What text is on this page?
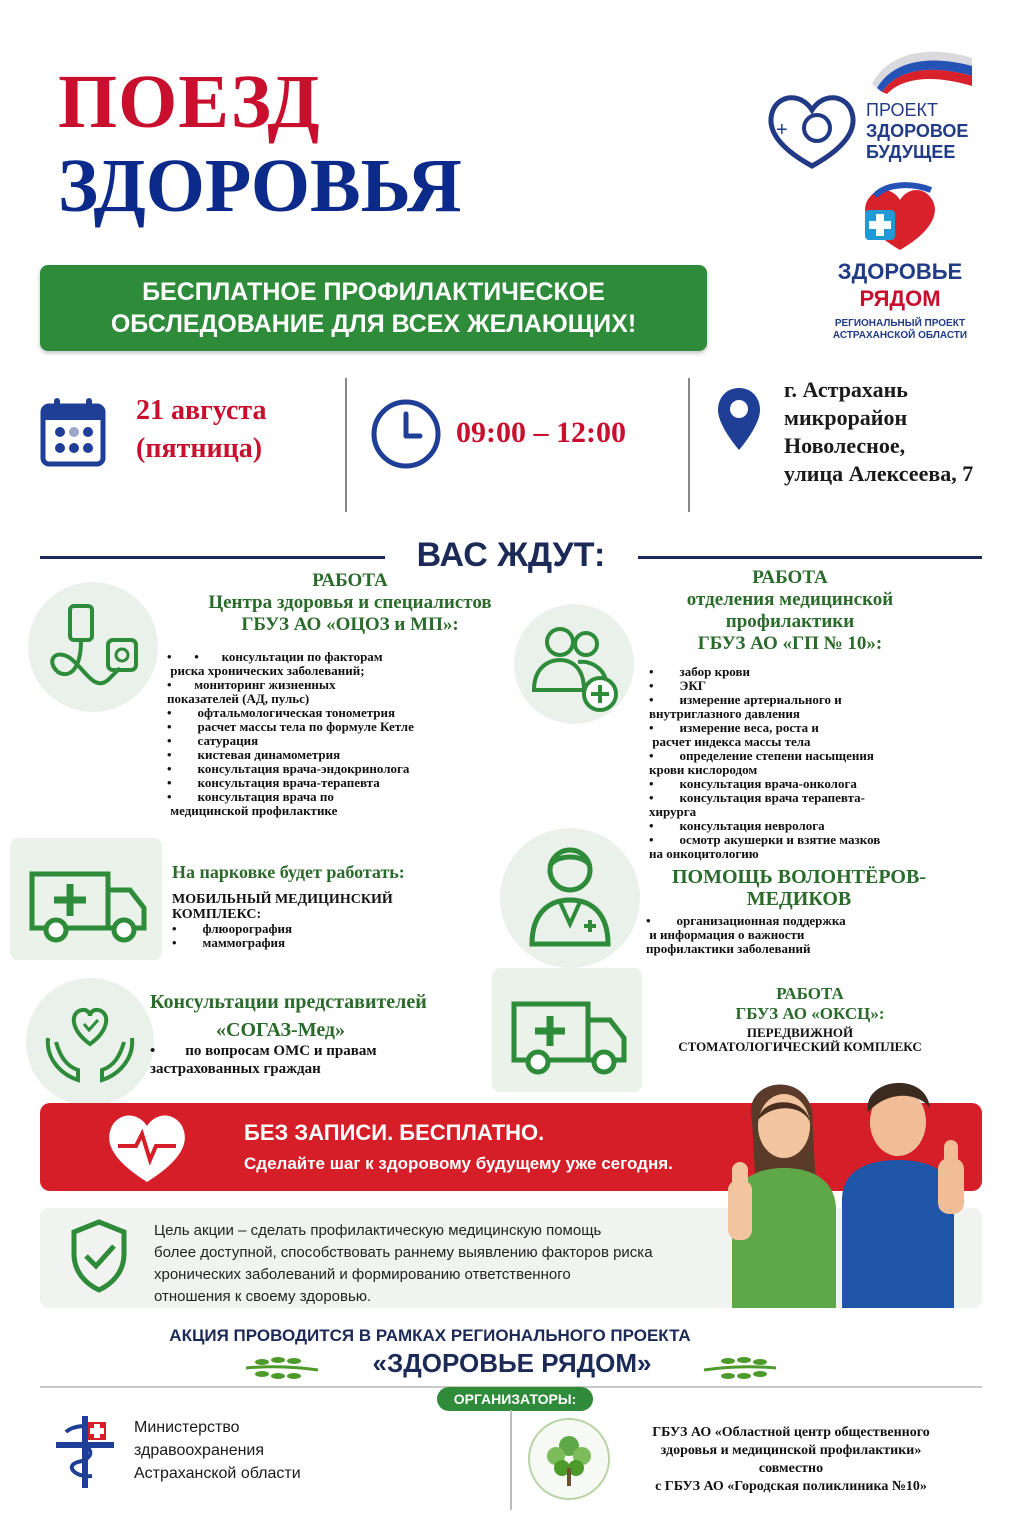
ПОЕЗД
ЗДОРОВЬЯ
+
ПРОЕКТ
ЗДОРОВОЕ
БУДУЩЕЕ
ЗДОРОВЬЕ
РЯДОМ
РЕГИОНАЛЬНЫЙ ПРОЕКТ
АСТРАХАНСКОЙ ОБЛАСТИ
БЕСПЛАТНОЕ ПРОФИЛАКТИЧЕСКОЕ
ОБСЛЕДОВАНИЕ ДЛЯ ВСЕХ ЖЕЛАЮЩИХ!
21 августа
(пятница)	09:00 – 12:00
г. Астрахань
микрорайон
Новолесное,
улица Алексеева, 7
ВАС ЖДУТ:
РАБОТА
Центра здоровья и специалистов
ГБУЗ АО «ОЦОЗ и МП»:
•       •       консультации по факторам
риска хронических заболеваний;
•       мониторинг жизненных
показателей (АД, пульс)
•        офтальмологическая тонометрия
•        расчет массы тела по формуле Кетле
•        сатурация
•        кистевая динамометрия
•        консультация врача-эндокринолога
•        консультация врача-терапевта
•        консультация врача по
медицинской профилактике
РАБОТА
отделения медицинской
профилактики
ГБУЗ АО «ГП № 10»:
•        забор крови
•        ЭКГ
•        измерение артериального и
внутриглазного давления
•        измерение веса, роста и
расчет индекса массы тела
•        определение степени насыщения
крови кислородом
•        консультация врача-онколога
•        консультация врача терапевта-
хирурга
•        консультация невролога
•        осмотр акушерки и взятие мазков
на онкоцитологию
На парковке будет работать:
МОБИЛЬНЫЙ МЕДИЦИНСКИЙ
КОМПЛЕКС:
•        флюорография
•        маммография
ПОМОЩЬ ВОЛОНТЁРОВ-
МЕДИКОВ
•        организационная поддержка
и информация о важности
профилактики заболеваний
Консультации представителей
«СОГАЗ-Мед»
•        по вопросам ОМС и правам
застрахованных граждан
РАБОТА
ГБУЗ АО «ОКСЦ»:
ПЕРЕДВИЖНОЙ
СТОМАТОЛОГИЧЕСКИЙ КОМПЛЕКС
БЕЗ ЗАПИСИ. БЕСПЛАТНО.
Сделайте шаг к здоровому будущему уже сегодня.
Цель акции – сделать профилактическую медицинскую помощь
более доступной, способствовать раннему выявлению факторов риска
хронических заболеваний и формированию ответственного
отношения к своему здоровью.
АКЦИЯ ПРОВОДИТСЯ В РАМКАХ РЕГИОНАЛЬНОГО ПРОЕКТА
«ЗДОРОВЬЕ РЯДОМ»
ОРГАНИЗАТОРЫ:
Министерство
здравоохранения
Астраханской области
ГБУЗ АО «Областной центр общественного
здоровья и медицинской профилактики»
совместно
с ГБУЗ АО «Городская поликлиника №10»
